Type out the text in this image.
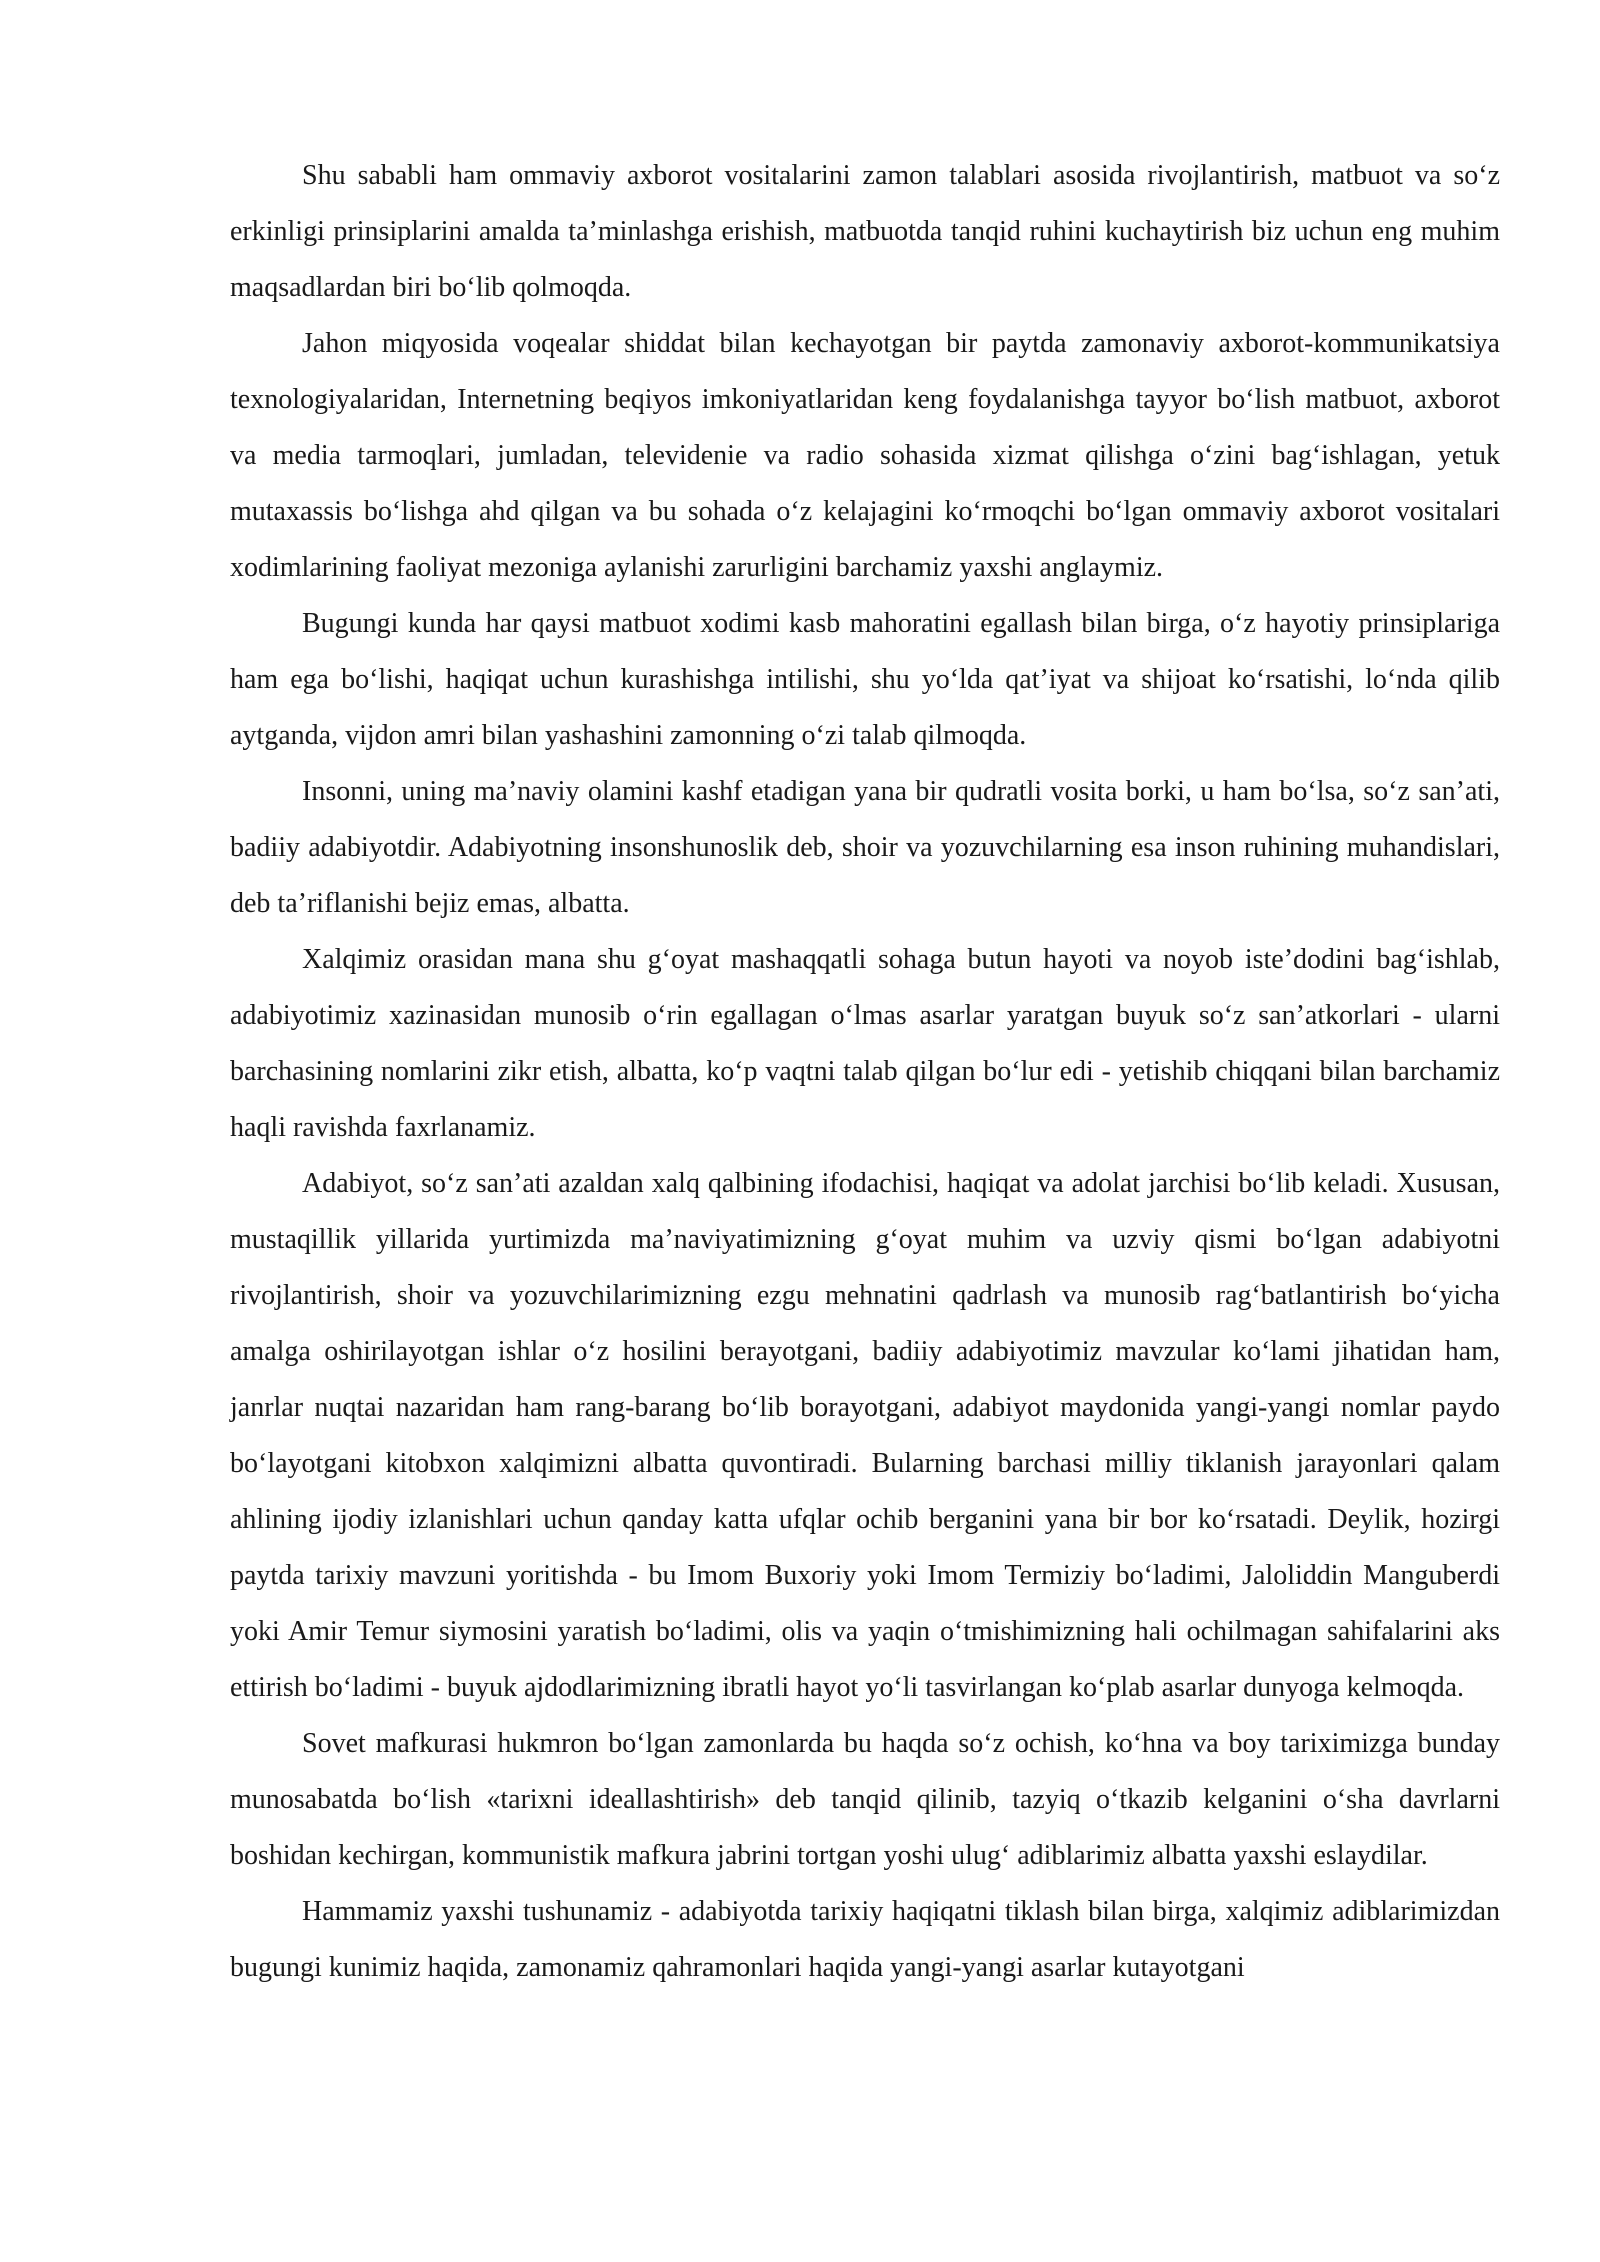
Shu sababli ham ommaviy axborot vositalarini zamon talablari asosida rivojlantirish, matbuot va so‘z erkinligi prinsiplarini amalda ta’minlashga erishish, matbuotda tanqid ruhini kuchaytirish biz uchun eng muhim maqsadlardan biri bo‘lib qolmoqda.

Jahon miqyosida voqealar shiddat bilan kechayotgan bir paytda zamonaviy axborot-kommunikatsiya texnologiyalaridan, Internetning beqiyos imkoniyatlaridan keng foydalanishga tayyor bo‘lish matbuot, axborot va media tarmoqlari, jumladan, televidenie va radio sohasida xizmat qilishga o‘zini bag‘ishlagan, yetuk mutaxassis bo‘lishga ahd qilgan va bu sohada o‘z kelajagini ko‘rmoqchi bo‘lgan ommaviy axborot vositalari xodimlarining faoliyat mezoniga aylanishi zarurligini barchamiz yaxshi anglaymiz.

Bugungi kunda har qaysi matbuot xodimi kasb mahoratini egallash bilan birga, o‘z hayotiy prinsiplariga ham ega bo‘lishi, haqiqat uchun kurashishga intilishi, shu yo‘lda qat’iyat va shijoat ko‘rsatishi, lo‘nda qilib aytganda, vijdon amri bilan yashashini zamonning o‘zi talab qilmoqda.

Insonni, uning ma’naviy olamini kashf etadigan yana bir qudratli vosita borki, u ham bo‘lsa, so‘z san’ati, badiiy adabiyotdir. Adabiyotning insonshunoslik deb, shoir va yozuvchilarning esa inson ruhining muhandislari, deb ta’riflanishi bejiz emas, albatta.

Xalqimiz orasidan mana shu g‘oyat mashaqqatli sohaga butun hayoti va noyob iste’dodini bag‘ishlab, adabiyotimiz xazinasidan munosib o‘rin egallagan o‘lmas asarlar yaratgan buyuk so‘z san’atkorlari - ularni barchasining nomlarini zikr etish, albatta, ko‘p vaqtni talab qilgan bo‘lur edi - yetishib chiqqani bilan barchamiz haqli ravishda faxrlanamiz.

Adabiyot, so‘z san’ati azaldan xalq qalbining ifodachisi, haqiqat va adolat jarchisi bo‘lib keladi. Xususan, mustaqillik yillarida yurtimizda ma’naviyatimizning g‘oyat muhim va uzviy qismi bo‘lgan adabiyotni rivojlantirish, shoir va yozuvchilarimizning ezgu mehnatini qadrlash va munosib rag‘batlantirish bo‘yicha amalga oshirilayotgan ishlar o‘z hosilini berayotgani, badiiy adabiyotimiz mavzular ko‘lami jihatidan ham, janrlar nuqtai nazaridan ham rang-barang bo‘lib borayotgani, adabiyot maydonida yangi-yangi nomlar paydo bo‘layotgani kitobxon xalqimizni albatta quvontiradi. Bularning barchasi milliy tiklanish jarayonlari qalam ahlining ijodiy izlanishlari uchun qanday katta ufqlar ochib berganini yana bir bor ko‘rsatadi. Deylik, hozirgi paytda tarixiy mavzuni yoritishda - bu Imom Buxoriy yoki Imom Termiziy bo‘ladimi, Jaloliddin Manguberdi yoki Amir Temur siymosini yaratish bo‘ladimi, olis va yaqin o‘tmishimizning hali ochilmagan sahifalarini aks ettirish bo‘ladimi - buyuk ajdodlarimizning ibratli hayot yo‘li tasvirlangan ko‘plab asarlar dunyoga kelmoqda.

Sovet mafkurasi hukmron bo‘lgan zamonlarda bu haqda so‘z ochish, ko‘hna va boy tariximizga bunday munosabatda bo‘lish «tarixni ideallashtirish» deb tanqid qilinib, tazyiq o‘tkazib kelganini o‘sha davrlarni boshidan kechirgan, kommunistik mafkura jabrini tortgan yoshi ulug‘ adiblarimiz albatta yaxshi eslaydilar.

Hammamiz yaxshi tushunamiz - adabiyotda tarixiy haqiqatni tiklash bilan birga, xalqimiz adiblarimizdan bugungi kunimiz haqida, zamonamiz qahramonlari haqida yangi-yangi asarlar kutayotgani
